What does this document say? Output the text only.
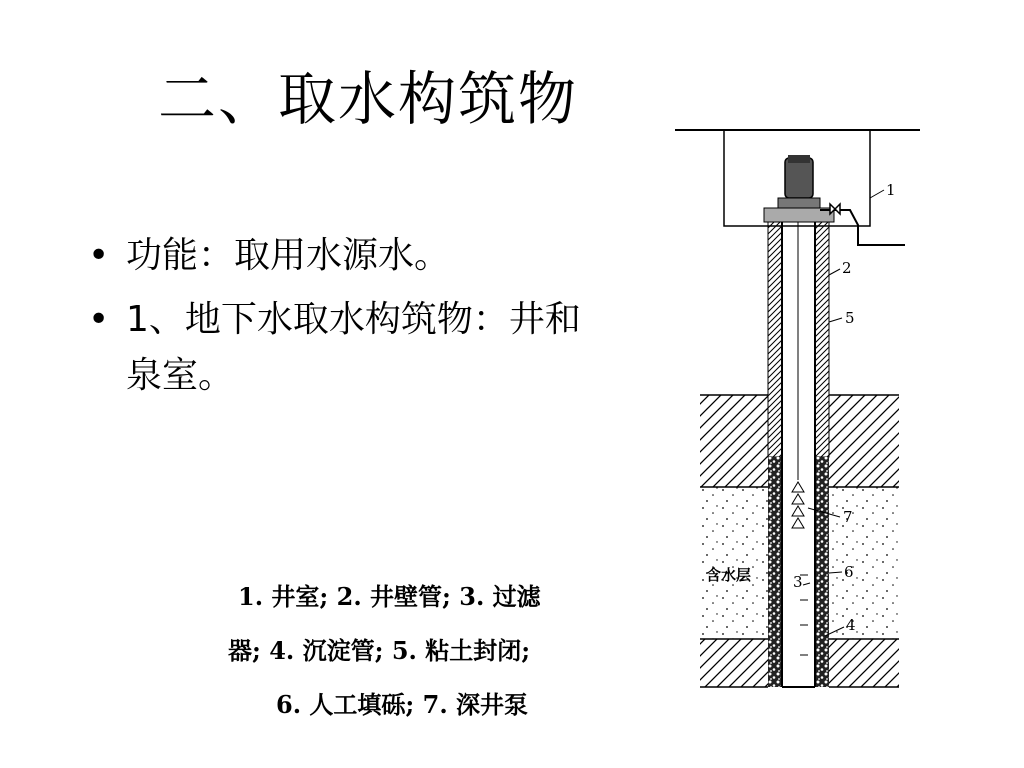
二、取水构筑物
• 功能：取用水源水。
• 1、地下水取水构筑物：井和泉室。
1. 井室; 2. 井壁管; 3. 过滤
器; 4. 沉淀管; 5. 粘土封闭;
6. 人工填砾; 7. 深井泵
1
2
5
7
6
3
4
含水层
